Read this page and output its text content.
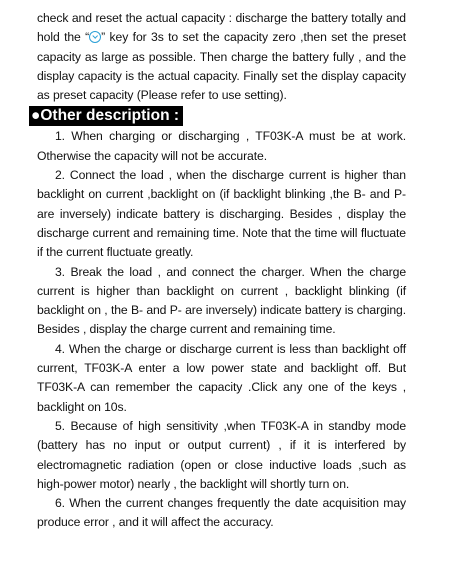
check and reset the actual capacity : discharge the battery totally and hold the “ ” key for 3s to set the capacity zero ,then set the preset capacity as large as possible. Then charge the battery fully , and the display capacity is the actual capacity. Finally set the display capacity as preset capacity (Please refer to use setting).

●Other description :

1. When charging or discharging , TF03K-A must be at work. Otherwise the capacity will not be accurate.

2. Connect the load , when the discharge current is higher than backlight on current ,backlight on (if backlight blinking ,the B- and P- are inversely) indicate battery is discharging. Besides , display the discharge current and remaining time. Note that the time will fluctuate if the current fluctuate greatly.

3. Break the load , and connect the charger. When the charge current is higher than backlight on current , backlight blinking (if backlight on , the B- and P- are inversely) indicate battery is charging. Besides , display the charge current and remaining time.

4. When the charge or discharge current is less than backlight off current, TF03K-A enter a low power state and backlight off. But TF03K-A can remember the capacity .Click any one of the keys , backlight on 10s.

5. Because of high sensitivity ,when TF03K-A in standby mode (battery has no input or output current) , if it is interfered by electromagnetic radiation (open or close inductive loads ,such as high-power motor) nearly , the backlight will shortly turn on.

6. When the current changes frequently the date acquisition may produce error , and it will affect the accuracy.
